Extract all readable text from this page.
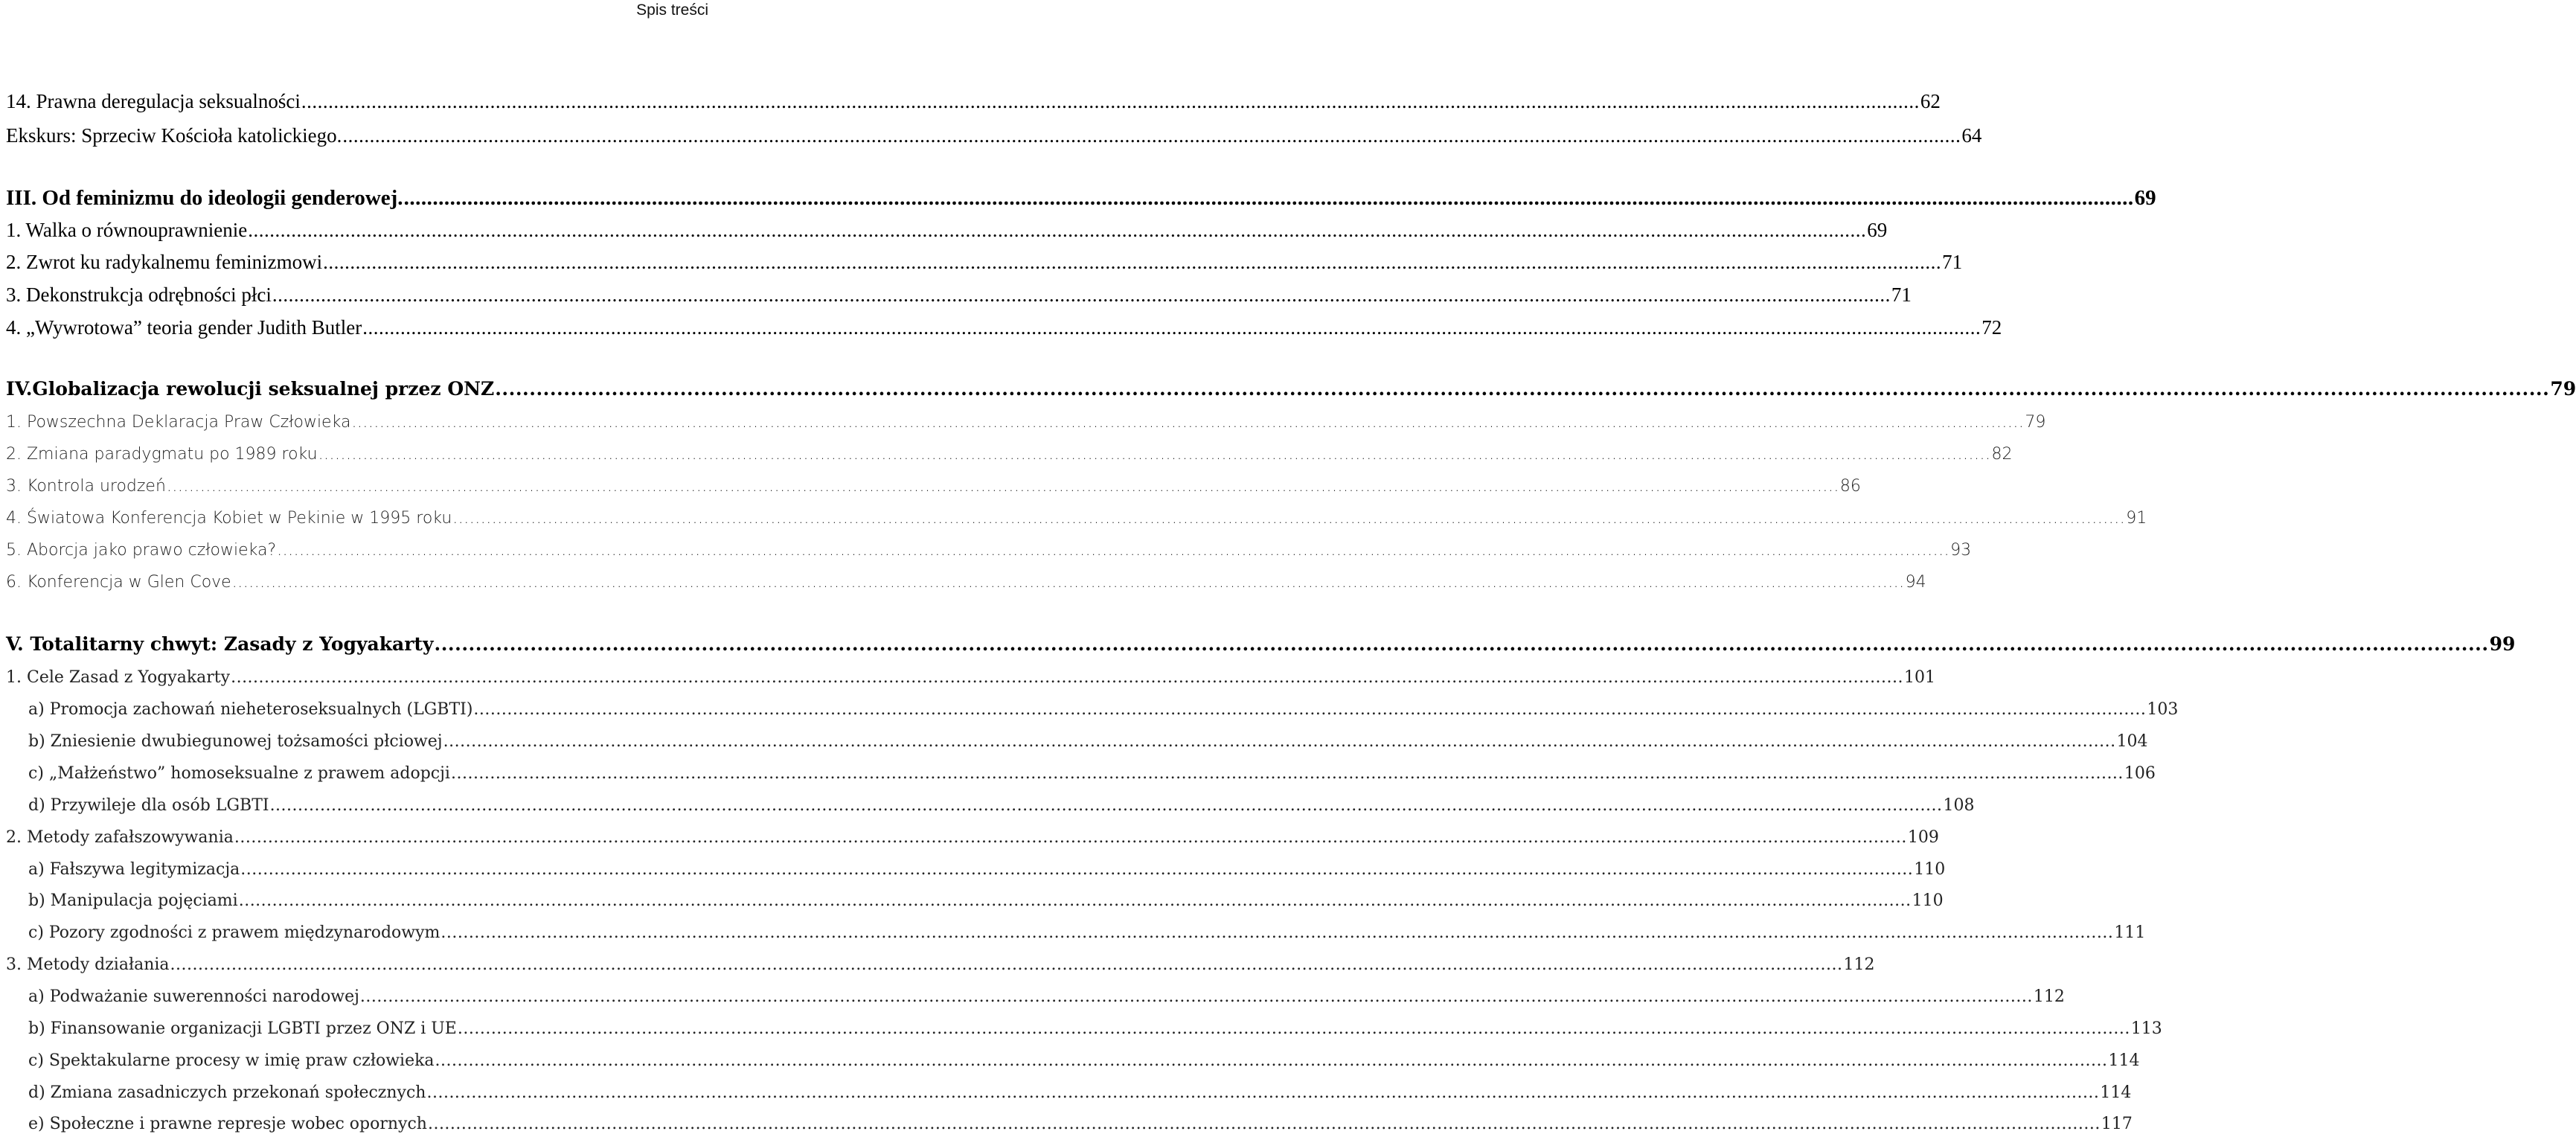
Spis treści
14. Prawna deregulacja seksualności ............................................................................................................................................................................................................................................................................................................ 62
Ekskurs: Sprzeciw Kościoła katolickiego. ............................................................................................................................................................................................................................................................................................................ 64
III. Od feminizmu do ideologii genderowej. ............................................................................................................................................................................................................................................................................................................ 69
1. Walka o równouprawnienie ............................................................................................................................................................................................................................................................................................................ 69
2. Zwrot ku radykalnemu feminizmowi ............................................................................................................................................................................................................................................................................................................ 71
3. Dekonstrukcja odrębności płci ............................................................................................................................................................................................................................................................................................................ 71
4. „Wywrotowa” teoria gender Judith Butler ............................................................................................................................................................................................................................................................................................................ 72
IV.Globalizacja rewolucji seksualnej przez ONZ ............................................................................................................................................................................................................................................................................................................ 79
1. Powszechna Deklaracja Praw Człowieka ............................................................................................................................................................................................................................................................................................................ 79
2. Zmiana paradygmatu po 1989 roku ............................................................................................................................................................................................................................................................................................................ 82
3. Kontrola urodzeń ............................................................................................................................................................................................................................................................................................................ 86
4. Światowa Konferencja Kobiet w Pekinie w 1995 roku ............................................................................................................................................................................................................................................................................................................ 91
5. Aborcja jako prawo człowieka? ............................................................................................................................................................................................................................................................................................................ 93
6. Konferencja w Glen Cove ............................................................................................................................................................................................................................................................................................................ 94
V. Totalitarny chwyt: Zasady z Yogyakarty ............................................................................................................................................................................................................................................................................................................ 99
1. Cele Zasad z Yogyakarty ............................................................................................................................................................................................................................................................................................................ 101
a) Promocja zachowań nieheteroseksualnych (LGBTI) ............................................................................................................................................................................................................................................................................................................ 103
b) Zniesienie dwubiegunowej tożsamości płciowej ............................................................................................................................................................................................................................................................................................................ 104
c) „Małżeństwo” homoseksualne z prawem adopcji ............................................................................................................................................................................................................................................................................................................ 106
d) Przywileje dla osób LGBTI ............................................................................................................................................................................................................................................................................................................ 108
2. Metody zafałszowywania ............................................................................................................................................................................................................................................................................................................ 109
a) Fałszywa legitymizacja ............................................................................................................................................................................................................................................................................................................ 110
b) Manipulacja pojęciami ............................................................................................................................................................................................................................................................................................................ 110
c) Pozory zgodności z prawem międzynarodowym ............................................................................................................................................................................................................................................................................................................ 111
3. Metody działania ............................................................................................................................................................................................................................................................................................................ 112
a) Podważanie suwerenności narodowej ............................................................................................................................................................................................................................................................................................................ 112
b) Finansowanie organizacji LGBTI przez ONZ i UE ............................................................................................................................................................................................................................................................................................................ 113
c) Spektakularne procesy w imię praw człowieka ............................................................................................................................................................................................................................................................................................................ 114
d) Zmiana zasadniczych przekonań społecznych ............................................................................................................................................................................................................................................................................................................ 114
e) Społeczne i prawne represje wobec opornych ............................................................................................................................................................................................................................................................................................................ 117
